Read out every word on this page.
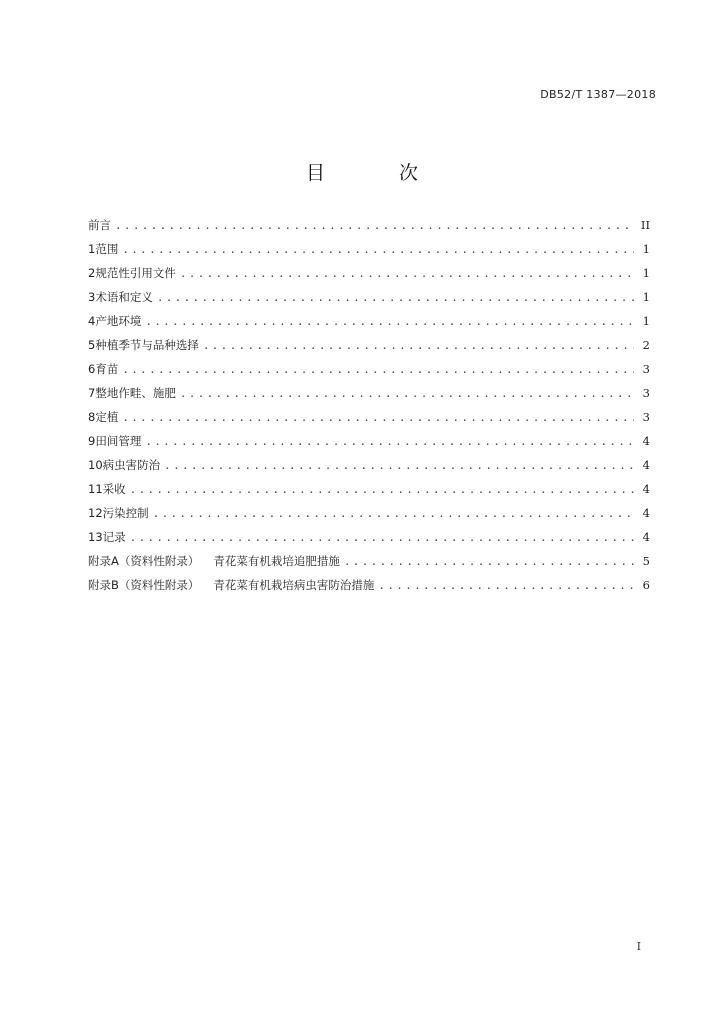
DB52/T 1387—2018
目 次
前言 .....	II
1 范围 .....	1
2 规范性引用文件 .....	1
3 术语和定义 .....	1
4 产地环境 .....	1
5 种植季节与品种选择 .....	2
6 育苗 .....	3
7 整地作畦、施肥 .....	3
8 定植 .....	3
9 田间管理 .....	4
10 病虫害防治 .....	4
11 采收 .....	4
12 污染控制 .....	4
13 记录 .....	4
附录A（资料性附录） 青花菜有机栽培追肥措施 .....	5
附录B（资料性附录） 青花菜有机栽培病虫害防治措施 .....	6
I
